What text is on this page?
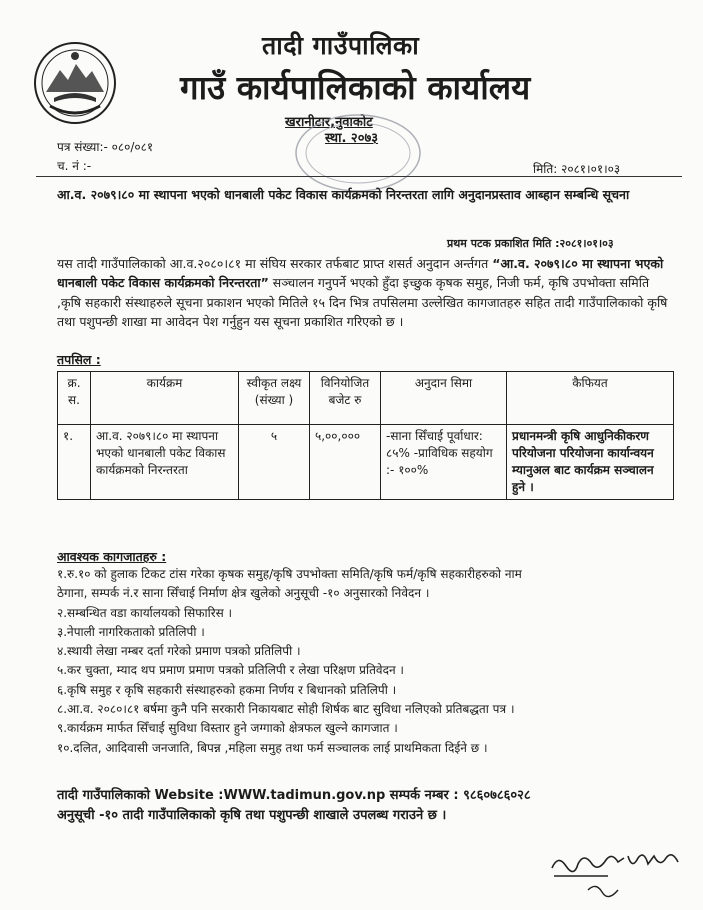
तादी गाउँपालिका
गाउँ कार्यपालिकाको कार्यालय
खरानीटार,नुवाकोट
स्था. २०७३
पत्र संख्या:- ०८०/०८१
च. नं :-	मिति: २०८१।०१।०३
आ.व. २०७९।८० मा स्थापना भएको धानबाली पकेट विकास कार्यक्रमको निरन्तरता लागि अनुदानप्रस्ताव आब्हान सम्बन्धि सूचना
प्रथम पटक प्रकाशित मिति :२०८१।०१।०३
यस तादी गाउँपालिकाको आ.व.२०८०।८१ मा संघिय सरकार तर्फबाट प्राप्त शसर्त अनुदान अर्न्तगत “आ.व. २०७९।८० मा स्थापना भएको धानबाली पकेट विकास कार्यक्रमको निरन्तरता” सञ्चालन गनुपर्ने भएको हुँदा इच्छुक कृषक समुह, निजी फर्म, कृषि उपभोक्ता समिति ,कृषि सहकारी संस्थाहरुले सूचना प्रकाशन भएको मितिले १५ दिन भित्र तपसिलमा उल्लेखित कागजातहरु सहित तादी गाउँपालिकाको कृषि तथा पशुपन्छी शाखा मा आवेदन पेश गर्नुहुन यस सूचना प्रकाशित गरिएको छ ।
तपसिल :
क्र. स.	कार्यक्रम	स्वीकृत लक्ष्य (संख्या )	विनियोजित बजेट रु	अनुदान सिमा	कैफियत
१.	आ.व. २०७९।८० मा स्थापना भएको धानबाली पकेट विकास कार्यक्रमको निरन्तरता	५	५,००,०००	-साना सिँचाई पूर्वाधार: ८५% -प्राविधिक सहयोग :- १००%	प्रधानमन्त्री कृषि आधुनिकीकरण परियोजना परियोजना कार्यान्वयन म्यानुअल बाट कार्यक्रम सञ्चालन हुने ।
आवश्यक कागजातहरु :
१.रु.१० को हुलाक टिकट टांस गरेका कृषक समुह/कृषि उपभोक्ता समिति/कृषि फर्म/कृषि सहकारीहरुको नाम
ठेगाना, सम्पर्क नं.र साना सिँचाई निर्माण क्षेत्र खुलेको अनुसूची -१० अनुसारको निवेदन ।
२.सम्बन्धित वडा कार्यालयको सिफारिस ।
३.नेपाली नागरिकताको प्रतिलिपी ।
४.स्थायी लेखा नम्बर दर्ता गरेको प्रमाण पत्रको प्रतिलिपी ।
५.कर चुक्ता, म्याद थप प्रमाण प्रमाण पत्रको प्रतिलिपी र लेखा परिक्षण प्रतिवेदन ।
६.कृषि समुह र कृषि सहकारी संस्थाहरुको हकमा निर्णय र बिधानको प्रतिलिपी ।
८.आ.व. २०८०।८१ बर्षमा कुनै पनि सरकारी निकायबाट सोही शिर्षक बाट सुविधा नलिएको प्रतिबद्धता पत्र ।
९.कार्यक्रम मार्फत सिँचाई सुविधा विस्तार हुने जग्गाको क्षेत्रफल खुल्ने कागजात ।
१०.दलित, आदिवासी जनजाति, बिपन्न ,महिला समुह तथा फर्म सञ्चालक लाई प्राथमिकता दिईने छ ।
तादी गाउँपालिकाको Website :WWW.tadimun.gov.np सम्पर्क नम्बर : ९८६०७८६०२८
अनुसूची -१० तादी गाउँपालिकाको कृषि तथा पशुपन्छी शाखाले उपलब्ध गराउने छ ।
